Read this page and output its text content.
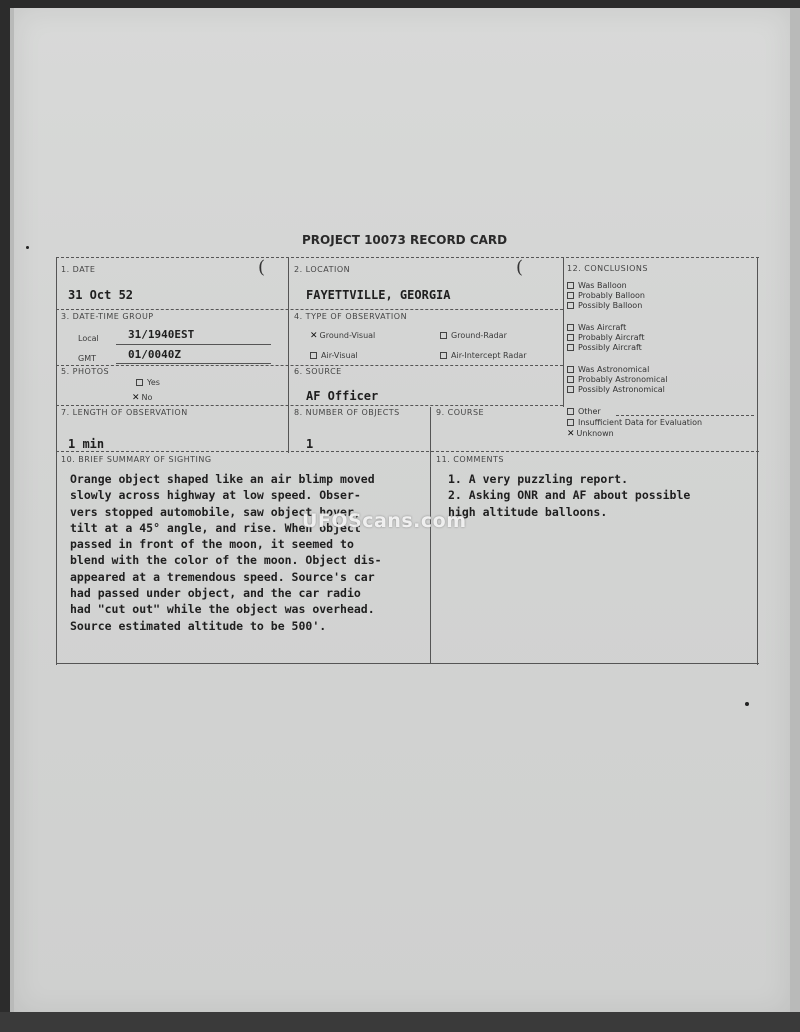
PROJECT 10073 RECORD CARD
1. DATE
31 Oct 52
(	2. LOCATION
FAYETTVILLE, GEORGIA
(
3. DATE-TIME GROUP
Local	31/1940EST
GMT	01/0040Z
4. TYPE OF OBSERVATION
✕ Ground-Visual	Ground-Radar
Air-Visual	Air-Intercept Radar
5. PHOTOS
Yes
✕ No
6. SOURCE
AF Officer
7. LENGTH OF OBSERVATION
1 min
8. NUMBER OF OBJECTS
1
9. COURSE
12. CONCLUSIONS
Was Balloon
Probably Balloon
Possibly Balloon
Was Aircraft
Probably Aircraft
Possibly Aircraft
Was Astronomical
Probably Astronomical
Possibly Astronomical
Other
Insufficient Data for Evaluation
✕ Unknown
10. BRIEF SUMMARY OF SIGHTING
Orange object shaped like an air blimp moved
slowly across highway at low speed. Obser-
vers stopped automobile, saw object hover,
tilt at a 45° angle, and rise. When object
passed in front of the moon, it seemed to
blend with the color of the moon. Object dis-
appeared at a tremendous speed. Source's car
had passed under object, and the car radio
had "cut out" while the object was overhead.
Source estimated altitude to be 500'.
11. COMMENTS
1. A very puzzling report.
2. Asking ONR and AF about possible
high altitude balloons.
UFOScans.com
